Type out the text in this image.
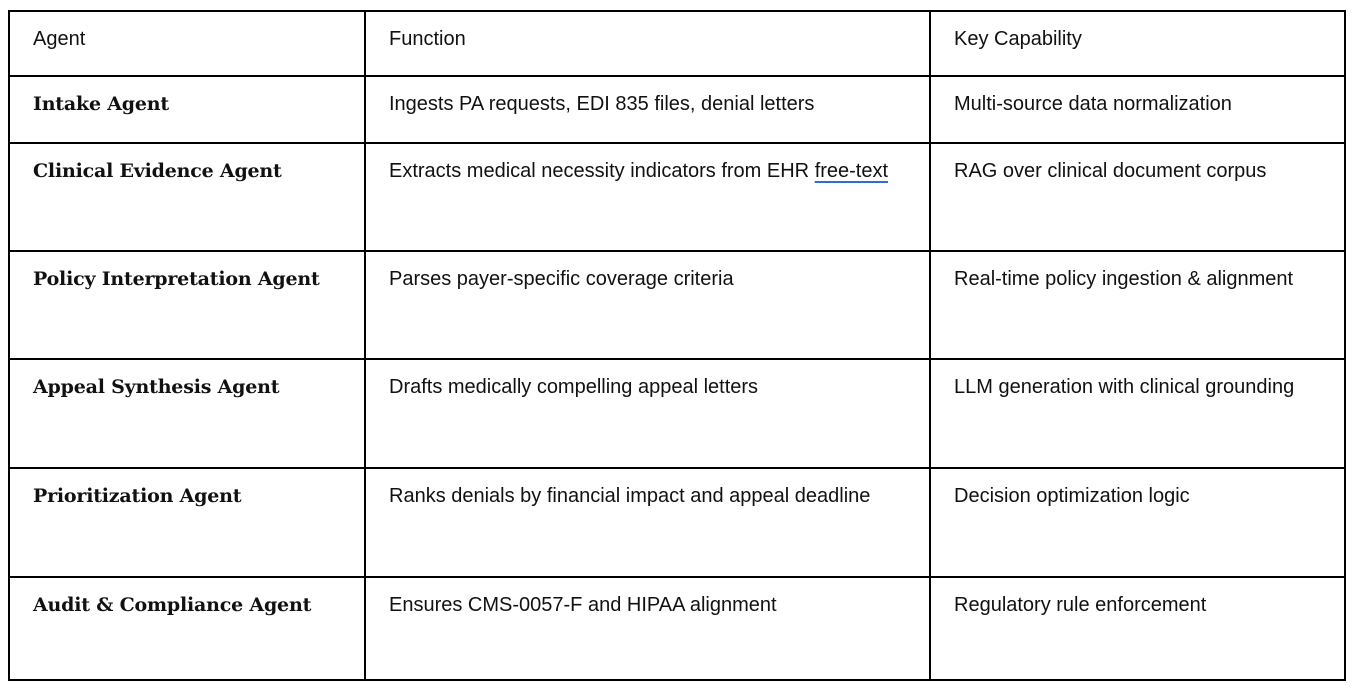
Agent	Function	Key Capability
Intake Agent	Ingests PA requests, EDI 835 files, denial letters	Multi-source data normalization
Clinical Evidence Agent	Extracts medical necessity indicators from EHR free-text	RAG over clinical document corpus
Policy Interpretation Agent	Parses payer-specific coverage criteria	Real-time policy ingestion & alignment
Appeal Synthesis Agent	Drafts medically compelling appeal letters	LLM generation with clinical grounding
Prioritization Agent	Ranks denials by financial impact and appeal deadline	Decision optimization logic
Audit & Compliance Agent	Ensures CMS-0057-F and HIPAA alignment	Regulatory rule enforcement
